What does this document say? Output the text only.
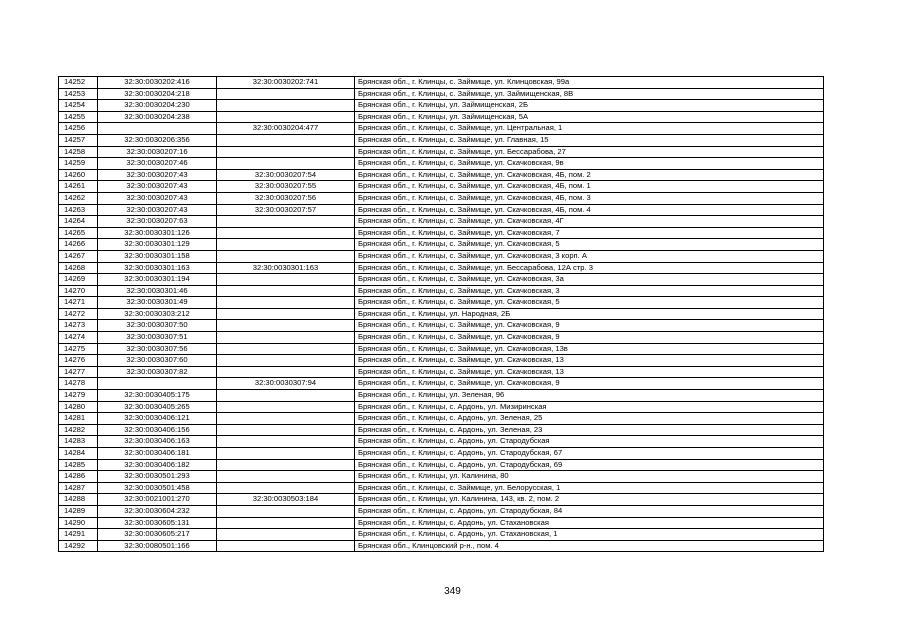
14252	32:30:0030202:416	32:30:0030202:741	Брянская обл., г. Клинцы, с. Займище, ул. Клинцовская, 99а
14253	32:30:0030204:218		Брянская обл., г. Клинцы, с. Займище, ул. Займищенская, 8В
14254	32:30:0030204:230		Брянская обл., г. Клинцы, ул. Займищенская, 2Б
14255	32:30:0030204:238		Брянская обл., г. Клинцы, ул. Займищенская, 5А
14256		32:30:0030204:477	Брянская обл., г. Клинцы, с. Займище, ул. Центральная, 1
14257	32:30:0030206:356		Брянская обл., г. Клинцы, с. Займище, ул. Главная, 15
14258	32:30:0030207:16		Брянская обл., г. Клинцы, с. Займище, ул. Бессарабова, 27
14259	32:30:0030207:46		Брянская обл., г. Клинцы, с. Займище, ул. Скачковская, 9в
14260	32:30:0030207:43	32:30:0030207:54	Брянская обл., г. Клинцы, с. Займище, ул. Скачковская, 4Б, пом. 2
14261	32:30:0030207:43	32:30:0030207:55	Брянская обл., г. Клинцы, с. Займище, ул. Скачковская, 4Б, пом. 1
14262	32:30:0030207:43	32:30:0030207:56	Брянская обл., г. Клинцы, с. Займище, ул. Скачковская, 4Б, пом. 3
14263	32:30:0030207:43	32:30:0030207:57	Брянская обл., г. Клинцы, с. Займище, ул. Скачковская, 4Б, пом. 4
14264	32:30:0030207:63		Брянская обл., г. Клинцы, с. Займище, ул. Скачковская, 4Г
14265	32:30:0030301:126		Брянская обл., г. Клинцы, с. Займище, ул. Скачковская, 7
14266	32:30:0030301:129		Брянская обл., г. Клинцы, с. Займище, ул. Скачковская, 5
14267	32:30:0030301:158		Брянская обл., г. Клинцы, с. Займище, ул. Скачковская, 3 корп. А
14268	32:30:0030301:163	32:30:0030301:163	Брянская обл., г. Клинцы, с. Займище, ул. Бессарабова, 12А стр. 3
14269	32:30:0030301:194		Брянская обл., г. Клинцы, с. Займище, ул. Скачковская, 3а
14270	32:30:0030301:46		Брянская обл., г. Клинцы, с. Займище, ул. Скачковская, 3
14271	32:30:0030301:49		Брянская обл., г. Клинцы, с. Займище, ул. Скачковская, 5
14272	32:30:0030303:212		Брянская обл., г. Клинцы, ул. Народная, 2Б
14273	32:30:0030307:50		Брянская обл., г. Клинцы, с. Займище, ул. Скачковская, 9
14274	32:30:0030307:51		Брянская обл., г. Клинцы, с. Займище, ул. Скачковская, 9
14275	32:30:0030307:56		Брянская обл., г. Клинцы, с. Займище, ул. Скачковская, 13в
14276	32:30:0030307:60		Брянская обл., г. Клинцы, с. Займище, ул. Скачковская, 13
14277	32:30:0030307:82		Брянская обл., г. Клинцы, с. Займище, ул. Скачковская, 13
14278		32:30:0030307:94	Брянская обл., г. Клинцы, с. Займище, ул. Скачковская, 9
14279	32:30:0030405:175		Брянская обл., г. Клинцы, ул. Зеленая, 96
14280	32:30:0030405:265		Брянская обл., г. Клинцы, с. Ардонь, ул. Мизиринская
14281	32:30:0030406:121		Брянская обл., г. Клинцы, с. Ардонь, ул. Зеленая, 25
14282	32:30:0030406:156		Брянская обл., г. Клинцы, с. Ардонь, ул. Зеленая, 23
14283	32:30:0030406:163		Брянская обл., г. Клинцы, с. Ардонь, ул. Стародубская
14284	32:30:0030406:181		Брянская обл., г. Клинцы, с. Ардонь, ул. Стародубская, 67
14285	32:30:0030406:182		Брянская обл., г. Клинцы, с. Ардонь, ул. Стародубская, 69
14286	32:30:0030501:293		Брянская обл., г. Клинцы, ул. Калинина, 80
14287	32:30:0030501:458		Брянская обл., г. Клинцы, с. Займище, ул. Белорусская, 1
14288	32:30:0021001:270	32:30:0030503:184	Брянская обл., г. Клинцы, ул. Калинина, 143, кв. 2, пом. 2
14289	32:30:0030604:232		Брянская обл., г. Клинцы, с. Ардонь, ул. Стародубская, 84
14290	32:30:0030605:131		Брянская обл., г. Клинцы, с. Ардонь, ул. Стахановская
14291	32:30:0030605:217		Брянская обл., г. Клинцы, с. Ардонь, ул. Стахановская, 1
14292	32:30:0080501:166		Брянская обл., Клинцовский р-н., пом. 4
349
